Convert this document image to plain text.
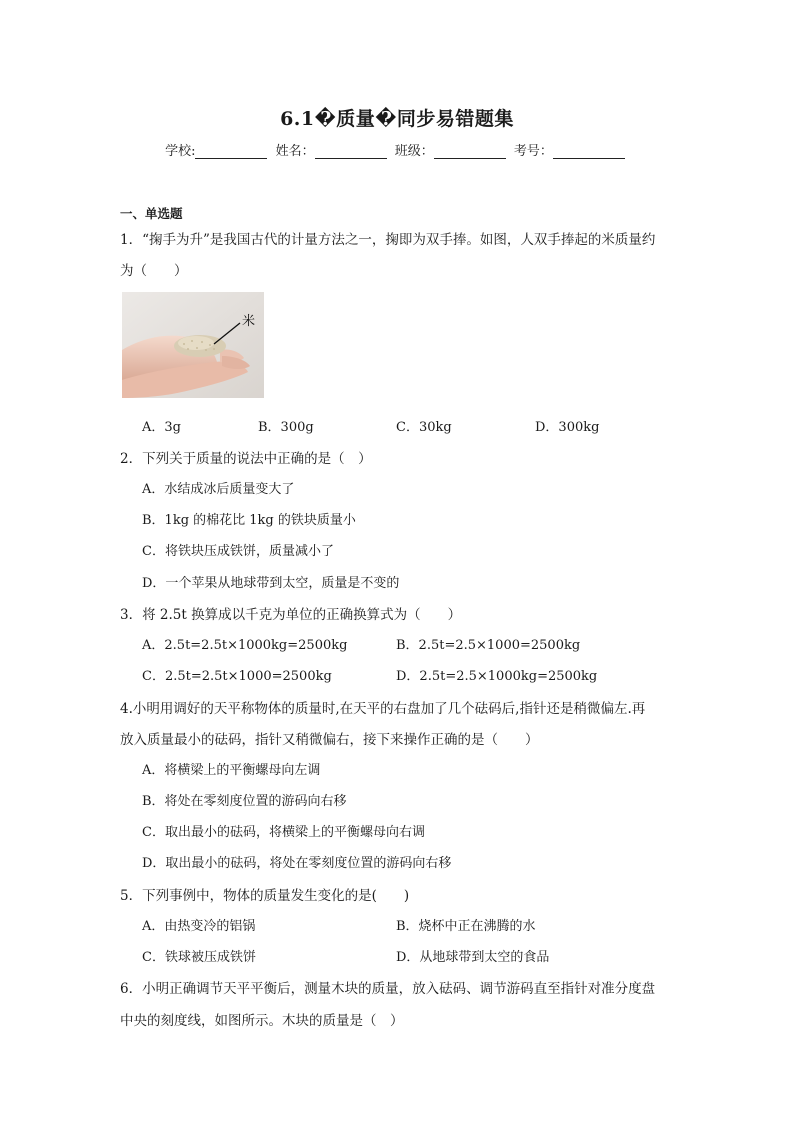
6.1�质量�同步易错题集
学校:	姓名：	班级：	考号：
一、单选题
1．“掬手为升”是我国古代的计量方法之一，掬即为双手捧。如图，人双手捧起的米质量约
为（　　）
米
A．3g	B．300g	C．30kg	D．300kg
2．下列关于质量的说法中正确的是（　）
A．水结成冰后质量变大了
B．1kg 的棉花比 1kg 的铁块质量小
C．将铁块压成铁饼，质量减小了
D．一个苹果从地球带到太空，质量是不变的
3．将 2.5t 换算成以千克为单位的正确换算式为（　　）
A．2.5t=2.5t×1000kg=2500kg	B．2.5t=2.5×1000=2500kg
C．2.5t=2.5t×1000=2500kg	D．2.5t=2.5×1000kg=2500kg
4.小明用调好的天平称物体的质量时,在天平的右盘加了几个砝码后,指针还是稍微偏左.再
放入质量最小的砝码，指针又稍微偏右，接下来操作正确的是（　　）
A．将横梁上的平衡螺母向左调
B．将处在零刻度位置的游码向右移
C．取出最小的砝码，将横梁上的平衡螺母向右调
D．取出最小的砝码，将处在零刻度位置的游码向右移
5．下列事例中，物体的质量发生变化的是(　　)
A．由热变冷的铝锅	B．烧杯中正在沸腾的水
C．铁球被压成铁饼	D．从地球带到太空的食品
6．小明正确调节天平平衡后，测量木块的质量，放入砝码、调节游码直至指针对准分度盘
中央的刻度线，如图所示。木块的质量是（　）
